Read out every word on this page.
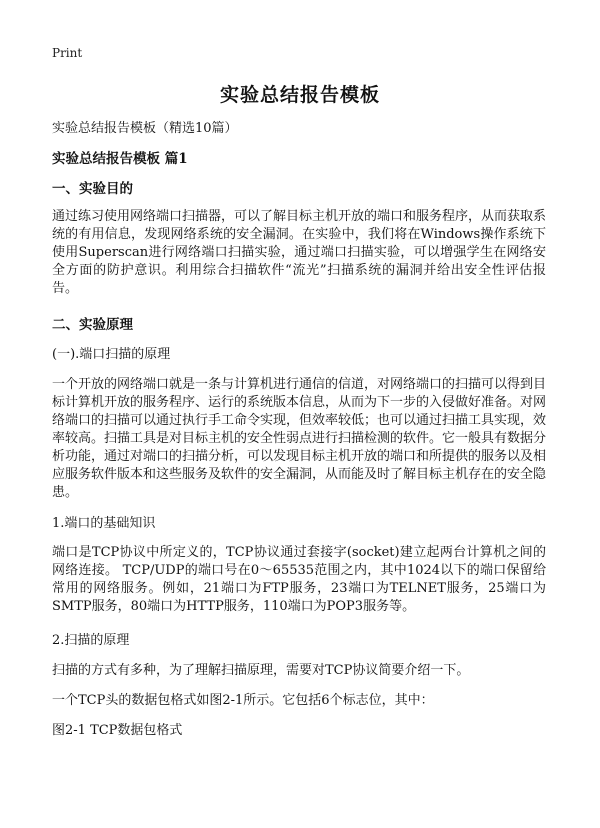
Print
实验总结报告模板
实验总结报告模板（精选10篇）
实验总结报告模板 篇1
一、实验目的
通过练习使用网络端口扫描器，可以了解目标主机开放的端口和服务程序，从而获取系统的有用信息，发现网络系统的安全漏洞。在实验中，我们将在Windows操作系统下使用Superscan进行网络端口扫描实验，通过端口扫描实验，可以增强学生在网络安全方面的防护意识。利用综合扫描软件“流光”扫描系统的漏洞并给出安全性评估报告。
二、实验原理
(一).端口扫描的原理
一个开放的网络端口就是一条与计算机进行通信的信道，对网络端口的扫描可以得到目标计算机开放的服务程序、运行的系统版本信息，从而为下一步的入侵做好准备。对网络端口的扫描可以通过执行手工命令实现，但效率较低；也可以通过扫描工具实现，效率较高。扫描工具是对目标主机的安全性弱点进行扫描检测的软件。它一般具有数据分析功能，通过对端口的扫描分析，可以发现目标主机开放的端口和所提供的服务以及相应服务软件版本和这些服务及软件的安全漏洞，从而能及时了解目标主机存在的安全隐患。
1.端口的基础知识
端口是TCP协议中所定义的，TCP协议通过套接字(socket)建立起两台计算机之间的网络连接。 TCP/UDP的端口号在0～65535范围之内，其中1024以下的端口保留给常用的网络服务。例如，21端口为FTP服务，23端口为TELNET服务，25端口为SMTP服务，80端口为HTTP服务，110端口为POP3服务等。
2.扫描的原理
扫描的方式有多种，为了理解扫描原理，需要对TCP协议简要介绍一下。
一个TCP头的数据包格式如图2-1所示。它包括6个标志位，其中：
图2-1 TCP数据包格式
